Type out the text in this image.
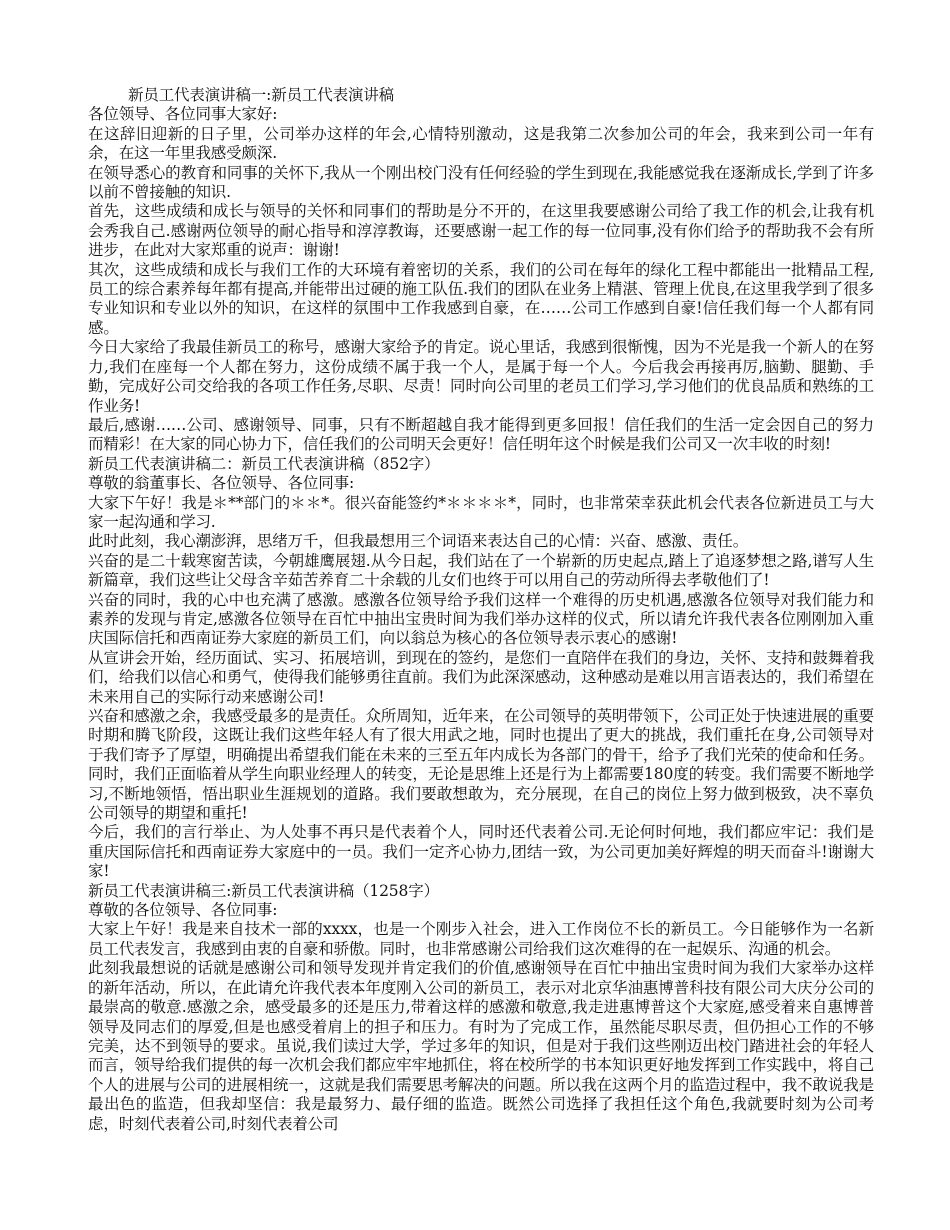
新员工代表演讲稿一:新员工代表演讲稿

各位领导、各位同事大家好:

在这辞旧迎新的日子里，公司举办这样的年会,心情特别激动，这是我第二次参加公司的年会，我来到公司一年有余，在这一年里我感受颇深.

在领导悉心的教育和同事的关怀下,我从一个刚出校门没有任何经验的学生到现在,我能感觉我在逐渐成长,学到了许多以前不曾接触的知识.

首先，这些成绩和成长与领导的关怀和同事们的帮助是分不开的，在这里我要感谢公司给了我工作的机会,让我有机会秀我自己.感谢两位领导的耐心指导和淳淳教诲，还要感谢一起工作的每一位同事,没有你们给予的帮助我不会有所进步，在此对大家郑重的说声：谢谢!

其次，这些成绩和成长与我们工作的大环境有着密切的关系，我们的公司在每年的绿化工程中都能出一批精品工程,员工的综合素养每年都有提高,并能带出过硬的施工队伍.我们的团队在业务上精湛、管理上优良,在这里我学到了很多专业知识和专业以外的知识，在这样的氛围中工作我感到自豪，在……公司工作感到自豪!信任我们每一个人都有同感。

今日大家给了我最佳新员工的称号，感谢大家给予的肯定。说心里话，我感到很惭愧，因为不光是我一个新人的在努力,我们在座每一个人都在努力，这份成绩不属于我一个人，是属于每一个人。今后我会再接再厉,脑勤、腿勤、手勤，完成好公司交给我的各项工作任务,尽职、尽责！同时向公司里的老员工们学习,学习他们的优良品质和熟练的工作业务!

最后,感谢……公司、感谢领导、同事，只有不断超越自我才能得到更多回报！信任我们的生活一定会因自己的努力而精彩！在大家的同心协力下，信任我们的公司明天会更好！信任明年这个时候是我们公司又一次丰收的时刻!

新员工代表演讲稿二：新员工代表演讲稿（852字）

尊敬的翁董事长、各位领导、各位同事:

大家下午好！我是＊**部门的＊＊*。很兴奋能签约*＊＊＊＊*，同时，也非常荣幸获此机会代表各位新进员工与大家一起沟通和学习.

此时此刻，我心潮澎湃，思绪万千，但我最想用三个词语来表达自己的心情：兴奋、感激、责任。

兴奋的是二十载寒窗苦读，今朝雄鹰展翅.从今日起，我们站在了一个崭新的历史起点,踏上了追逐梦想之路,谱写人生新篇章，我们这些让父母含辛茹苦养育二十余载的儿女们也终于可以用自己的劳动所得去孝敬他们了!

兴奋的同时，我的心中也充满了感激。感激各位领导给予我们这样一个难得的历史机遇,感激各位领导对我们能力和素养的发现与肯定,感激各位领导在百忙中抽出宝贵时间为我们举办这样的仪式，所以请允许我代表各位刚刚加入重庆国际信托和西南证券大家庭的新员工们，向以翁总为核心的各位领导表示衷心的感谢!

从宣讲会开始，经历面试、实习、拓展培训，到现在的签约，是您们一直陪伴在我们的身边，关怀、支持和鼓舞着我们，给我们以信心和勇气，使得我们能够勇往直前。我们为此深深感动，这种感动是难以用言语表达的，我们希望在未来用自己的实际行动来感谢公司!

兴奋和感激之余，我感受最多的是责任。众所周知，近年来，在公司领导的英明带领下，公司正处于快速进展的重要时期和腾飞阶段，这既让我们这些年轻人有了很大用武之地，同时也提出了更大的挑战，我们重托在身,公司领导对于我们寄予了厚望，明确提出希望我们能在未来的三至五年内成长为各部门的骨干，给予了我们光荣的使命和任务。同时，我们正面临着从学生向职业经理人的转变，无论是思维上还是行为上都需要180度的转变。我们需要不断地学习,不断地领悟，悟出职业生涯规划的道路。我们要敢想敢为，充分展现，在自己的岗位上努力做到极致，决不辜负公司领导的期望和重托!

今后，我们的言行举止、为人处事不再只是代表着个人，同时还代表着公司.无论何时何地，我们都应牢记：我们是重庆国际信托和西南证券大家庭中的一员。我们一定齐心协力,团结一致，为公司更加美好辉煌的明天而奋斗!谢谢大家!

新员工代表演讲稿三:新员工代表演讲稿（1258字）

尊敬的各位领导、各位同事:

大家上午好！我是来自技术一部的xxxx，也是一个刚步入社会，进入工作岗位不长的新员工。今日能够作为一名新员工代表发言，我感到由衷的自豪和骄傲。同时，也非常感谢公司给我们这次难得的在一起娱乐、沟通的机会。

此刻我最想说的话就是感谢公司和领导发现并肯定我们的价值,感谢领导在百忙中抽出宝贵时间为我们大家举办这样的新年活动，所以，在此请允许我代表本年度刚入公司的新员工，表示对北京华油惠博普科技有限公司大庆分公司的最崇高的敬意.感激之余，感受最多的还是压力,带着这样的感激和敬意,我走进惠博普这个大家庭,感受着来自惠博普领导及同志们的厚爱,但是也感受着肩上的担子和压力。有时为了完成工作，虽然能尽职尽责，但仍担心工作的不够完美，达不到领导的要求。虽说,我们读过大学，学过多年的知识，但是对于我们这些刚迈出校门踏进社会的年轻人而言，领导给我们提供的每一次机会我们都应牢牢地抓住，将在校所学的书本知识更好地发挥到工作实践中，将自己个人的进展与公司的进展相统一，这就是我们需要思考解决的问题。所以我在这两个月的监造过程中，我不敢说我是最出色的监造，但我却坚信：我是最努力、最仔细的监造。既然公司选择了我担任这个角色,我就要时刻为公司考虑，时刻代表着公司,时刻代表着公司
